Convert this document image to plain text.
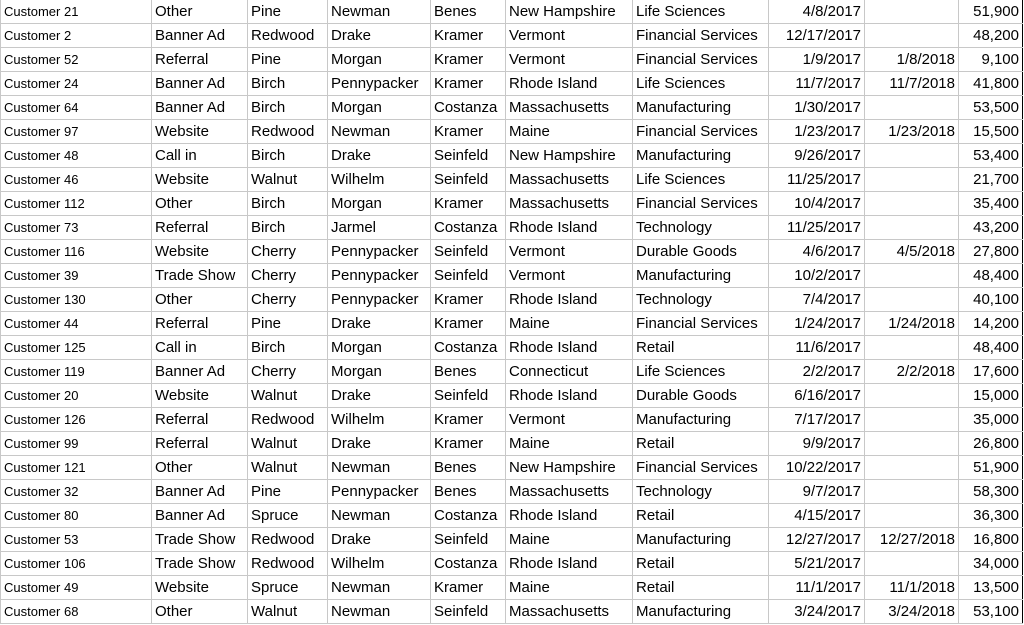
Customer 21	Other	Pine	Newman	Benes	New Hampshire	Life Sciences	4/8/2017		51,900
Customer 2	Banner Ad	Redwood	Drake	Kramer	Vermont	Financial Services	12/17/2017		48,200
Customer 52	Referral	Pine	Morgan	Kramer	Vermont	Financial Services	1/9/2017	1/8/2018	9,100
Customer 24	Banner Ad	Birch	Pennypacker	Kramer	Rhode Island	Life Sciences	11/7/2017	11/7/2018	41,800
Customer 64	Banner Ad	Birch	Morgan	Costanza	Massachusetts	Manufacturing	1/30/2017		53,500
Customer 97	Website	Redwood	Newman	Kramer	Maine	Financial Services	1/23/2017	1/23/2018	15,500
Customer 48	Call in	Birch	Drake	Seinfeld	New Hampshire	Manufacturing	9/26/2017		53,400
Customer 46	Website	Walnut	Wilhelm	Seinfeld	Massachusetts	Life Sciences	11/25/2017		21,700
Customer 112	Other	Birch	Morgan	Kramer	Massachusetts	Financial Services	10/4/2017		35,400
Customer 73	Referral	Birch	Jarmel	Costanza	Rhode Island	Technology	11/25/2017		43,200
Customer 116	Website	Cherry	Pennypacker	Seinfeld	Vermont	Durable Goods	4/6/2017	4/5/2018	27,800
Customer 39	Trade Show	Cherry	Pennypacker	Seinfeld	Vermont	Manufacturing	10/2/2017		48,400
Customer 130	Other	Cherry	Pennypacker	Kramer	Rhode Island	Technology	7/4/2017		40,100
Customer 44	Referral	Pine	Drake	Kramer	Maine	Financial Services	1/24/2017	1/24/2018	14,200
Customer 125	Call in	Birch	Morgan	Costanza	Rhode Island	Retail	11/6/2017		48,400
Customer 119	Banner Ad	Cherry	Morgan	Benes	Connecticut	Life Sciences	2/2/2017	2/2/2018	17,600
Customer 20	Website	Walnut	Drake	Seinfeld	Rhode Island	Durable Goods	6/16/2017		15,000
Customer 126	Referral	Redwood	Wilhelm	Kramer	Vermont	Manufacturing	7/17/2017		35,000
Customer 99	Referral	Walnut	Drake	Kramer	Maine	Retail	9/9/2017		26,800
Customer 121	Other	Walnut	Newman	Benes	New Hampshire	Financial Services	10/22/2017		51,900
Customer 32	Banner Ad	Pine	Pennypacker	Benes	Massachusetts	Technology	9/7/2017		58,300
Customer 80	Banner Ad	Spruce	Newman	Costanza	Rhode Island	Retail	4/15/2017		36,300
Customer 53	Trade Show	Redwood	Drake	Seinfeld	Maine	Manufacturing	12/27/2017	12/27/2018	16,800
Customer 106	Trade Show	Redwood	Wilhelm	Costanza	Rhode Island	Retail	5/21/2017		34,000
Customer 49	Website	Spruce	Newman	Kramer	Maine	Retail	11/1/2017	11/1/2018	13,500
Customer 68	Other	Walnut	Newman	Seinfeld	Massachusetts	Manufacturing	3/24/2017	3/24/2018	53,100
